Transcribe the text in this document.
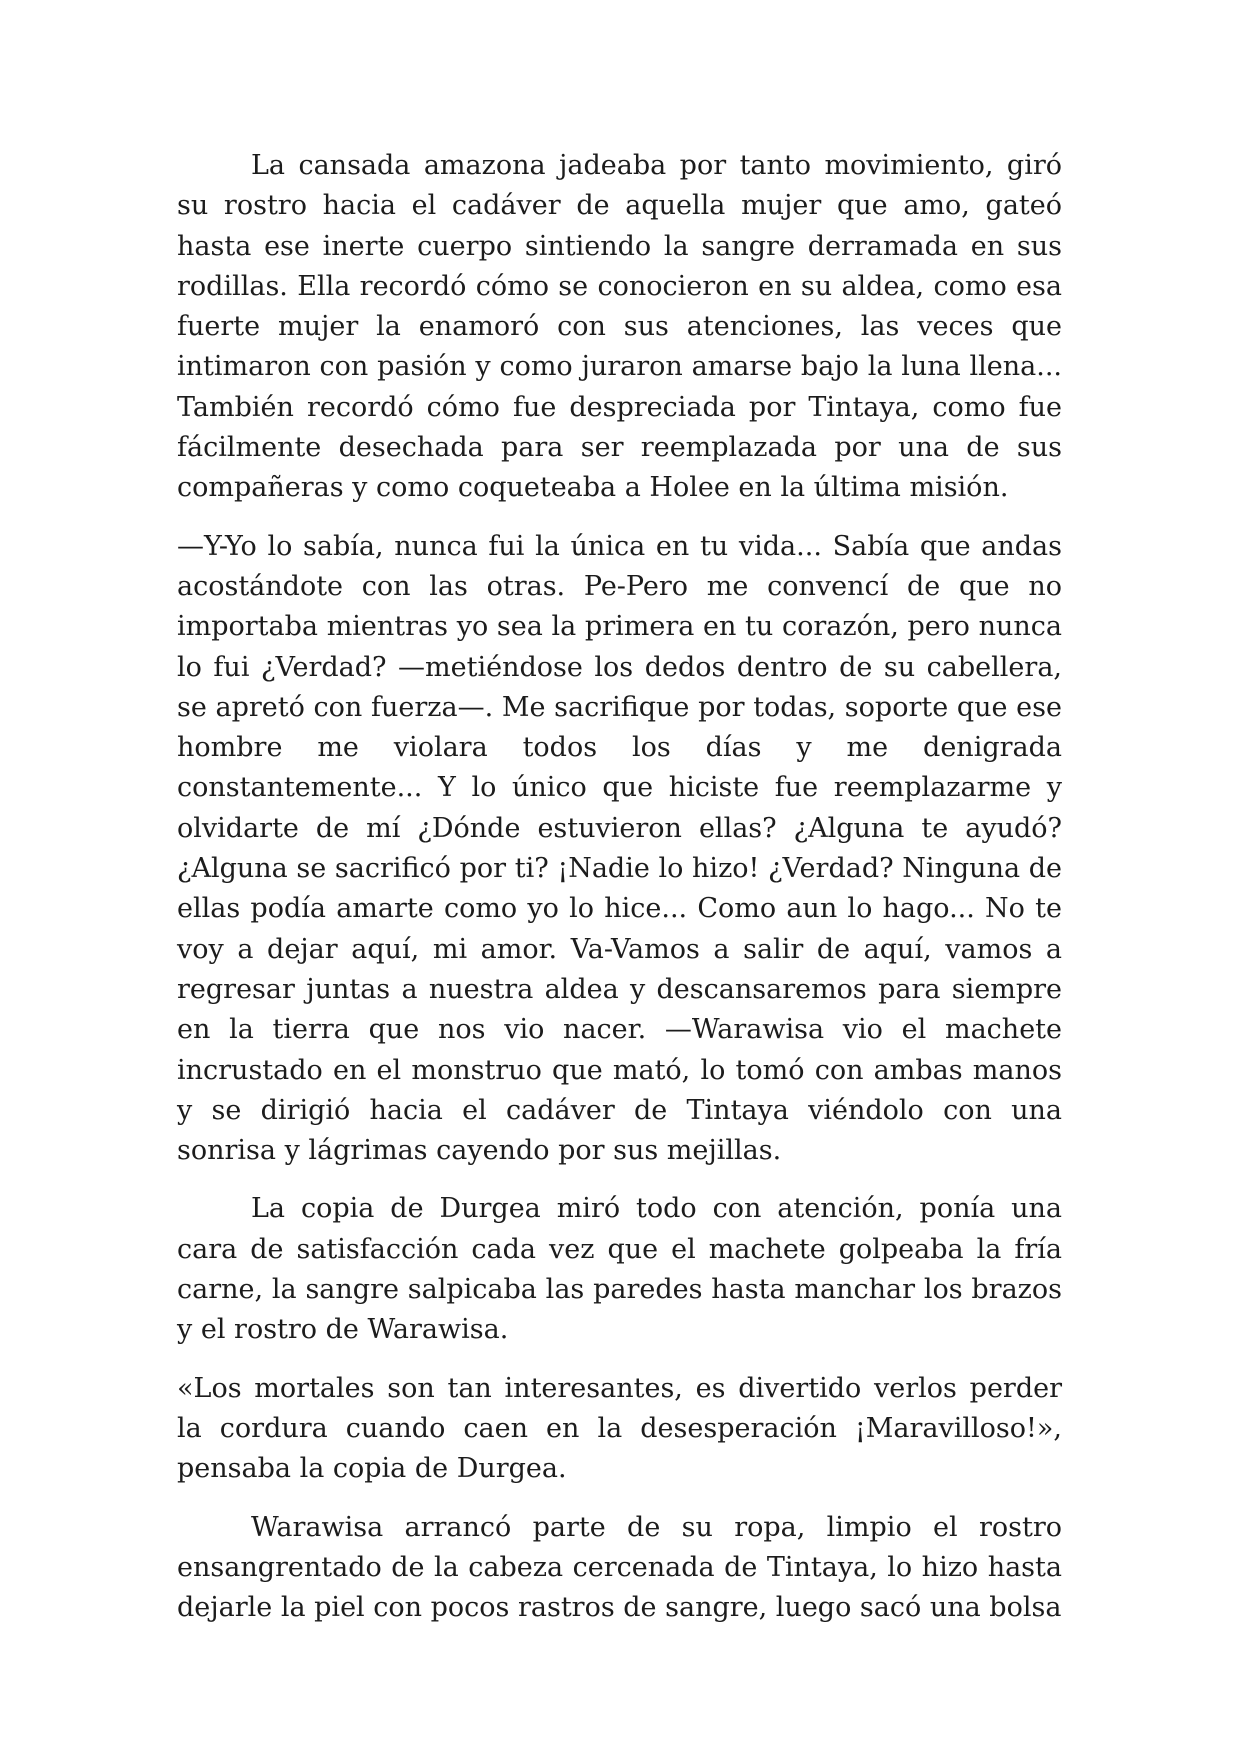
La cansada amazona jadeaba por tanto movimiento, giró su rostro hacia el cadáver de aquella mujer que amo, gateó hasta ese inerte cuerpo sintiendo la sangre derramada en sus rodillas. Ella recordó cómo se conocieron en su aldea, como esa fuerte mujer la enamoró con sus atenciones, las veces que intimaron con pasión y como juraron amarse bajo la luna llena... También recordó cómo fue despreciada por Tintaya, como fue fácilmente desechada para ser reemplazada por una de sus compañeras y como coqueteaba a Holee en la última misión.

—Y-Yo lo sabía, nunca fui la única en tu vida... Sabía que andas acostándote con las otras. Pe-Pero me convencí de que no importaba mientras yo sea la primera en tu corazón, pero nunca lo fui ¿Verdad? —metiéndose los dedos dentro de su cabellera, se apretó con fuerza—. Me sacrifique por todas, soporte que ese hombre me violara todos los días y me denigrada constantemente... Y lo único que hiciste fue reemplazarme y olvidarte de mí ¿Dónde estuvieron ellas? ¿Alguna te ayudó? ¿Alguna se sacrificó por ti? ¡Nadie lo hizo! ¿Verdad? Ninguna de ellas podía amarte como yo lo hice... Como aun lo hago... No te voy a dejar aquí, mi amor. Va-Vamos a salir de aquí, vamos a regresar juntas a nuestra aldea y descansaremos para siempre en la tierra que nos vio nacer. —Warawisa vio el machete incrustado en el monstruo que mató, lo tomó con ambas manos y se dirigió hacia el cadáver de Tintaya viéndolo con una sonrisa y lágrimas cayendo por sus mejillas.

La copia de Durgea miró todo con atención, ponía una cara de satisfacción cada vez que el machete golpeaba la fría carne, la sangre salpicaba las paredes hasta manchar los brazos y el rostro de Warawisa.

«Los mortales son tan interesantes, es divertido verlos perder la cordura cuando caen en la desesperación ¡Maravilloso!», pensaba la copia de Durgea.

Warawisa arrancó parte de su ropa, limpio el rostro ensangrentado de la cabeza cercenada de Tintaya, lo hizo hasta dejarle la piel con pocos rastros de sangre, luego sacó una bolsa
